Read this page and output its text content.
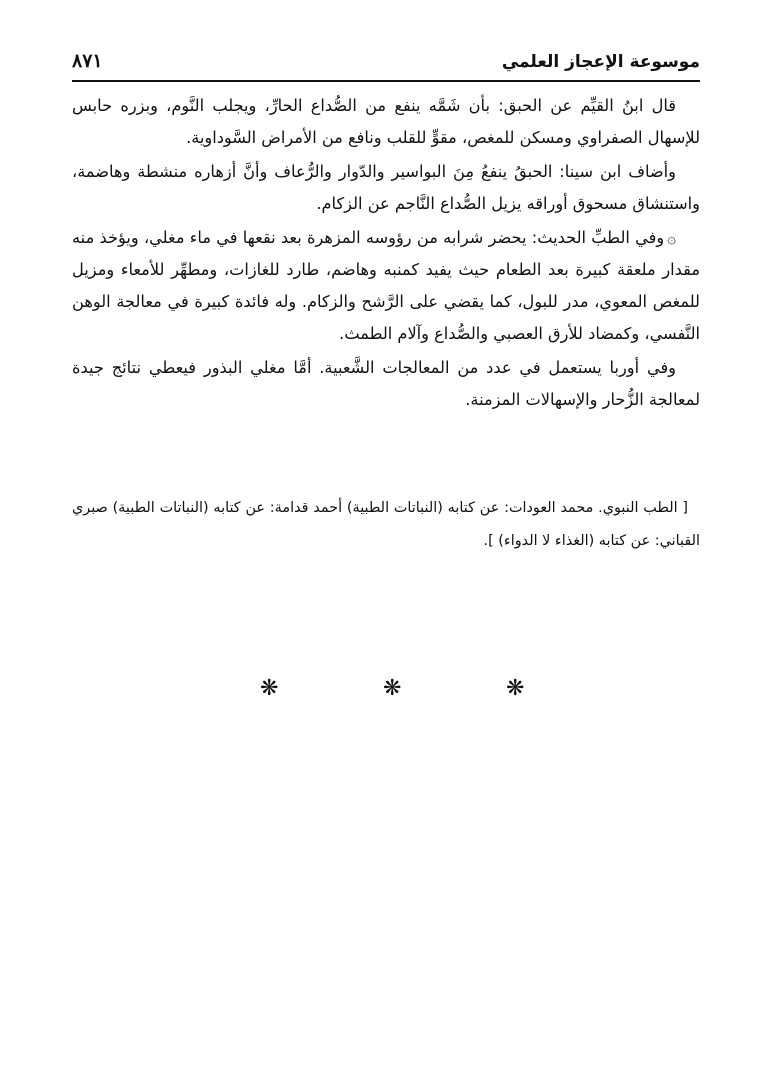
موسوعة الإعجاز العلمي
٨٧١

قال ابنُ القيِّم عن الحبق: بأن شَمَّه ينفع من الصُّداع الحارِّ، ويجلب النَّوم، وبزره حابس للإسهال الصفراوي ومسكن للمغص، مقوٍّ للقلب ونافع من الأمراض السَّوداوية.

وأضاف ابن سينا: الحبقُ ينفعُ مِنَ البواسير والدّوار والرُّعاف وأنَّ أزهاره منشطة وهاضمة، واستنشاق مسحوق أوراقه يزيل الصُّداع النَّاجم عن الزكام.

۞وفي الطبِّ الحديث: يحضر شرابه من رؤوسه المزهرة بعد نقعها في ماء مغلي، ويؤخذ منه مقدار ملعقة كبيرة بعد الطعام حيث يفيد كمنبه وهاضم، طارد للغازات، ومطهِّر للأمعاء ومزيل للمغص المعوي، مدر للبول، كما يقضي على الرَّشح والزكام. وله فائدة كبيرة في معالجة الوهن النَّفسي، وكمضاد للأرق العصبي والصُّداع وآلام الطمث.

وفي أوربا يستعمل في عدد من المعالجات الشَّعبية. أمَّا مغلي البذور فيعطي نتائج جيدة لمعالجة الزُّحار والإسهالات المزمنة.

[ الطب النبوي. محمد العودات: عن كتابه (النباتات الطبية) أحمد قدامة: عن كتابه (النباتات الطبية) صبري القباني: عن كتابه (الغذاء لا الدواء) ].
❋
❋
❋
